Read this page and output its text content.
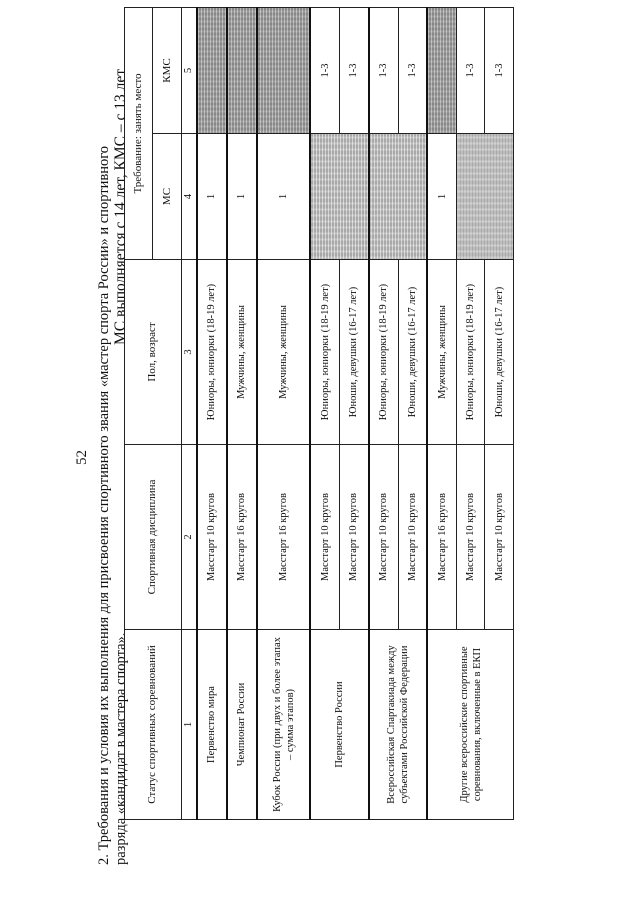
52 2. Требования и условия их выполнения для присвоения спортивного звания «мастер спорта России» и спортивного разряда «кандидат в мастера спорта».
МС выполняется с 14 лет, КМС – с 13 лет
Статус спортивных соревнований	Спортивная дисциплина	Пол, возраст	Требование: занять место	
			МС	КМС
1	2	3	4	5
Первенство мира	Масстарт 10 кругов	Юниоры, юниорки (18-19 лет)	1	
Чемпионат России	Масстарт 16 кругов	Мужчины, женщины	1	
Кубок России (при двух и более этапах – сумма этапов)	Масстарт 16 кругов	Мужчины, женщины	1	
Первенство России	Масстарт 10 кругов	Юниоры, юниорки (18-19 лет)		1-3
	Масстарт 10 кругов	Юноши, девушки (16-17 лет)		1-3
Всероссийская Спартакиада между субъектами Российской Федерации	Масстарт 10 кругов	Юниоры, юниорки (18-19 лет)		1-3
	Масстарт 10 кругов	Юноши, девушки (16-17 лет)		1-3
Другие всероссийские спортивные соревнования, включенные в ЕКП	Масстарт 16 кругов	Мужчины, женщины	1	
	Масстарт 10 кругов	Юниоры, юниорки (18-19 лет)		1-3
	Масстарт 10 кругов	Юноши, девушки (16-17 лет)		1-3
